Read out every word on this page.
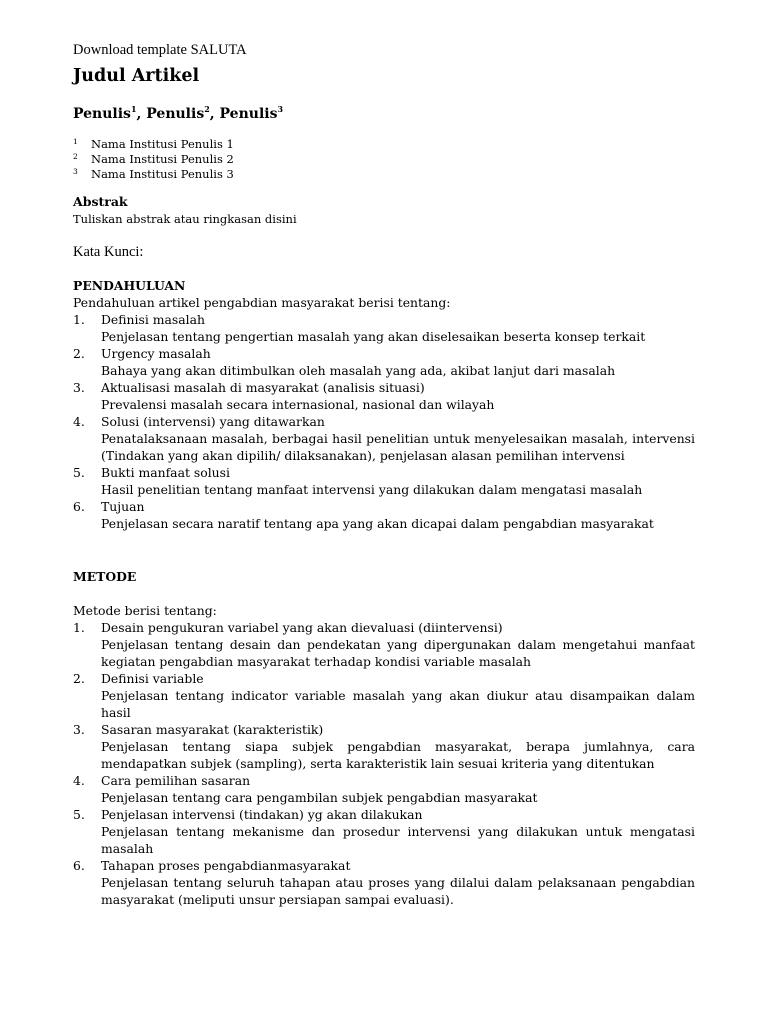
Download template SALUTA
Judul Artikel
Penulis$^1$, Penulis$^2$, Penulis$^3$
1 Nama Institusi Penulis 1
2 Nama Institusi Penulis 2
3 Nama Institusi Penulis 3
Abstrak
Tuliskan abstrak atau ringkasan disini
Kata Kunci:
PENDAHULUAN
Pendahuluan artikel pengabdian masyarakat berisi tentang:
1.	Definisi masalah
Penjelasan tentang pengertian masalah yang akan diselesaikan beserta konsep terkait
2.	Urgency masalah
Bahaya yang akan ditimbulkan oleh masalah yang ada, akibat lanjut dari masalah
3.	Aktualisasi masalah di masyarakat (analisis situasi)
Prevalensi masalah secara internasional, nasional dan wilayah
4.	Solusi (intervensi) yang ditawarkan
Penatalaksanaan masalah, berbagai hasil penelitian untuk menyelesaikan masalah, intervensi (Tindakan yang akan dipilih/ dilaksanakan), penjelasan alasan pemilihan intervensi
5.	Bukti manfaat solusi
Hasil penelitian tentang manfaat intervensi yang dilakukan dalam mengatasi masalah
6.	Tujuan
Penjelasan secara naratif tentang apa yang akan dicapai dalam pengabdian masyarakat
METODE
Metode berisi tentang:
1.	Desain pengukuran variabel yang akan dievaluasi (diintervensi)
Penjelasan tentang desain dan pendekatan yang dipergunakan dalam mengetahui manfaat kegiatan pengabdian masyarakat terhadap kondisi variable masalah
2.	Definisi variable
Penjelasan tentang indicator variable masalah yang akan diukur atau disampaikan dalam hasil
3.	Sasaran masyarakat (karakteristik)
Penjelasan tentang siapa subjek pengabdian masyarakat, berapa jumlahnya, cara mendapatkan subjek (sampling), serta karakteristik lain sesuai kriteria yang ditentukan
4.	Cara pemilihan sasaran
Penjelasan tentang cara pengambilan subjek pengabdian masyarakat
5.	Penjelasan intervensi (tindakan) yg akan dilakukan
Penjelasan tentang mekanisme dan prosedur intervensi yang dilakukan untuk mengatasi masalah
6.	Tahapan proses pengabdianmasyarakat
Penjelasan tentang seluruh tahapan atau proses yang dilalui dalam pelaksanaan pengabdian masyarakat (meliputi unsur persiapan sampai evaluasi).
